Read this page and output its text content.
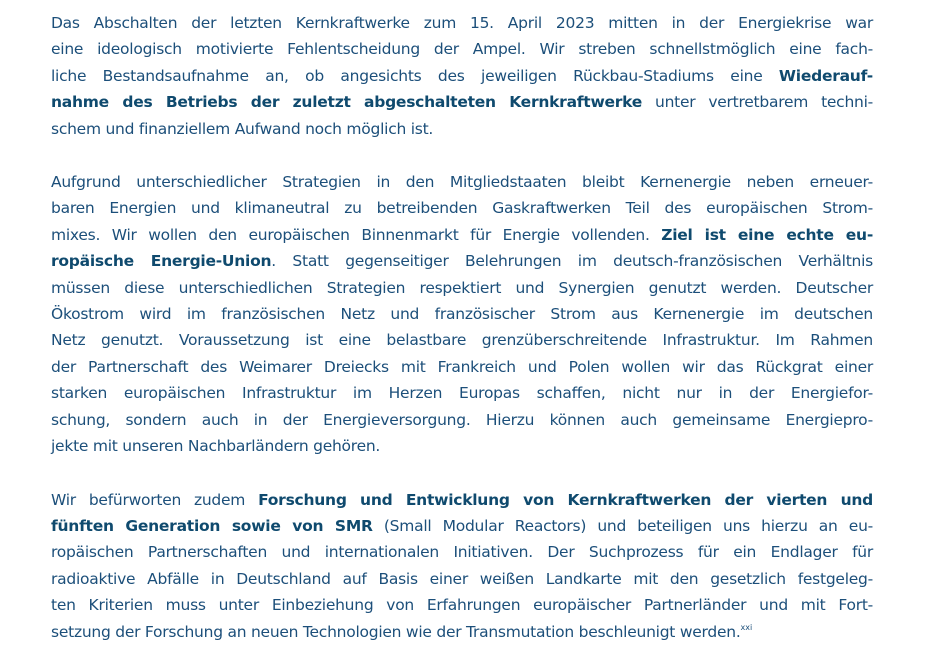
Das Abschalten der letzten Kernkraftwerke zum 15. April 2023 mitten in der Energiekrise war
eine ideologisch motivierte Fehlentscheidung der Ampel. Wir streben schnellstmöglich eine fach-
liche Bestandsaufnahme an, ob angesichts des jeweiligen Rückbau-Stadiums eine Wiederauf-
nahme des Betriebs der zuletzt abgeschalteten Kernkraftwerke unter vertretbarem techni-
schem und finanziellem Aufwand noch möglich ist.

Aufgrund unterschiedlicher Strategien in den Mitgliedstaaten bleibt Kernenergie neben erneuer-
baren Energien und klimaneutral zu betreibenden Gaskraftwerken Teil des europäischen Strom-
mixes. Wir wollen den europäischen Binnenmarkt für Energie vollenden. Ziel ist eine echte eu-
ropäische Energie-Union. Statt gegenseitiger Belehrungen im deutsch-französischen Verhältnis
müssen diese unterschiedlichen Strategien respektiert und Synergien genutzt werden. Deutscher
Ökostrom wird im französischen Netz und französischer Strom aus Kernenergie im deutschen
Netz genutzt. Voraussetzung ist eine belastbare grenzüberschreitende Infrastruktur. Im Rahmen
der Partnerschaft des Weimarer Dreiecks mit Frankreich und Polen wollen wir das Rückgrat einer
starken europäischen Infrastruktur im Herzen Europas schaffen, nicht nur in der Energiefor-
schung, sondern auch in der Energieversorgung. Hierzu können auch gemeinsame Energiepro-
jekte mit unseren Nachbarländern gehören.

Wir befürworten zudem Forschung und Entwicklung von Kernkraftwerken der vierten und
fünften Generation sowie von SMR (Small Modular Reactors) und beteiligen uns hierzu an eu-
ropäischen Partnerschaften und internationalen Initiativen. Der Suchprozess für ein Endlager für
radioaktive Abfälle in Deutschland auf Basis einer weißen Landkarte mit den gesetzlich festgeleg-
ten Kriterien muss unter Einbeziehung von Erfahrungen europäischer Partnerländer und mit Fort-
setzung der Forschung an neuen Technologien wie der Transmutation beschleunigt werden.$^{xxi}$
